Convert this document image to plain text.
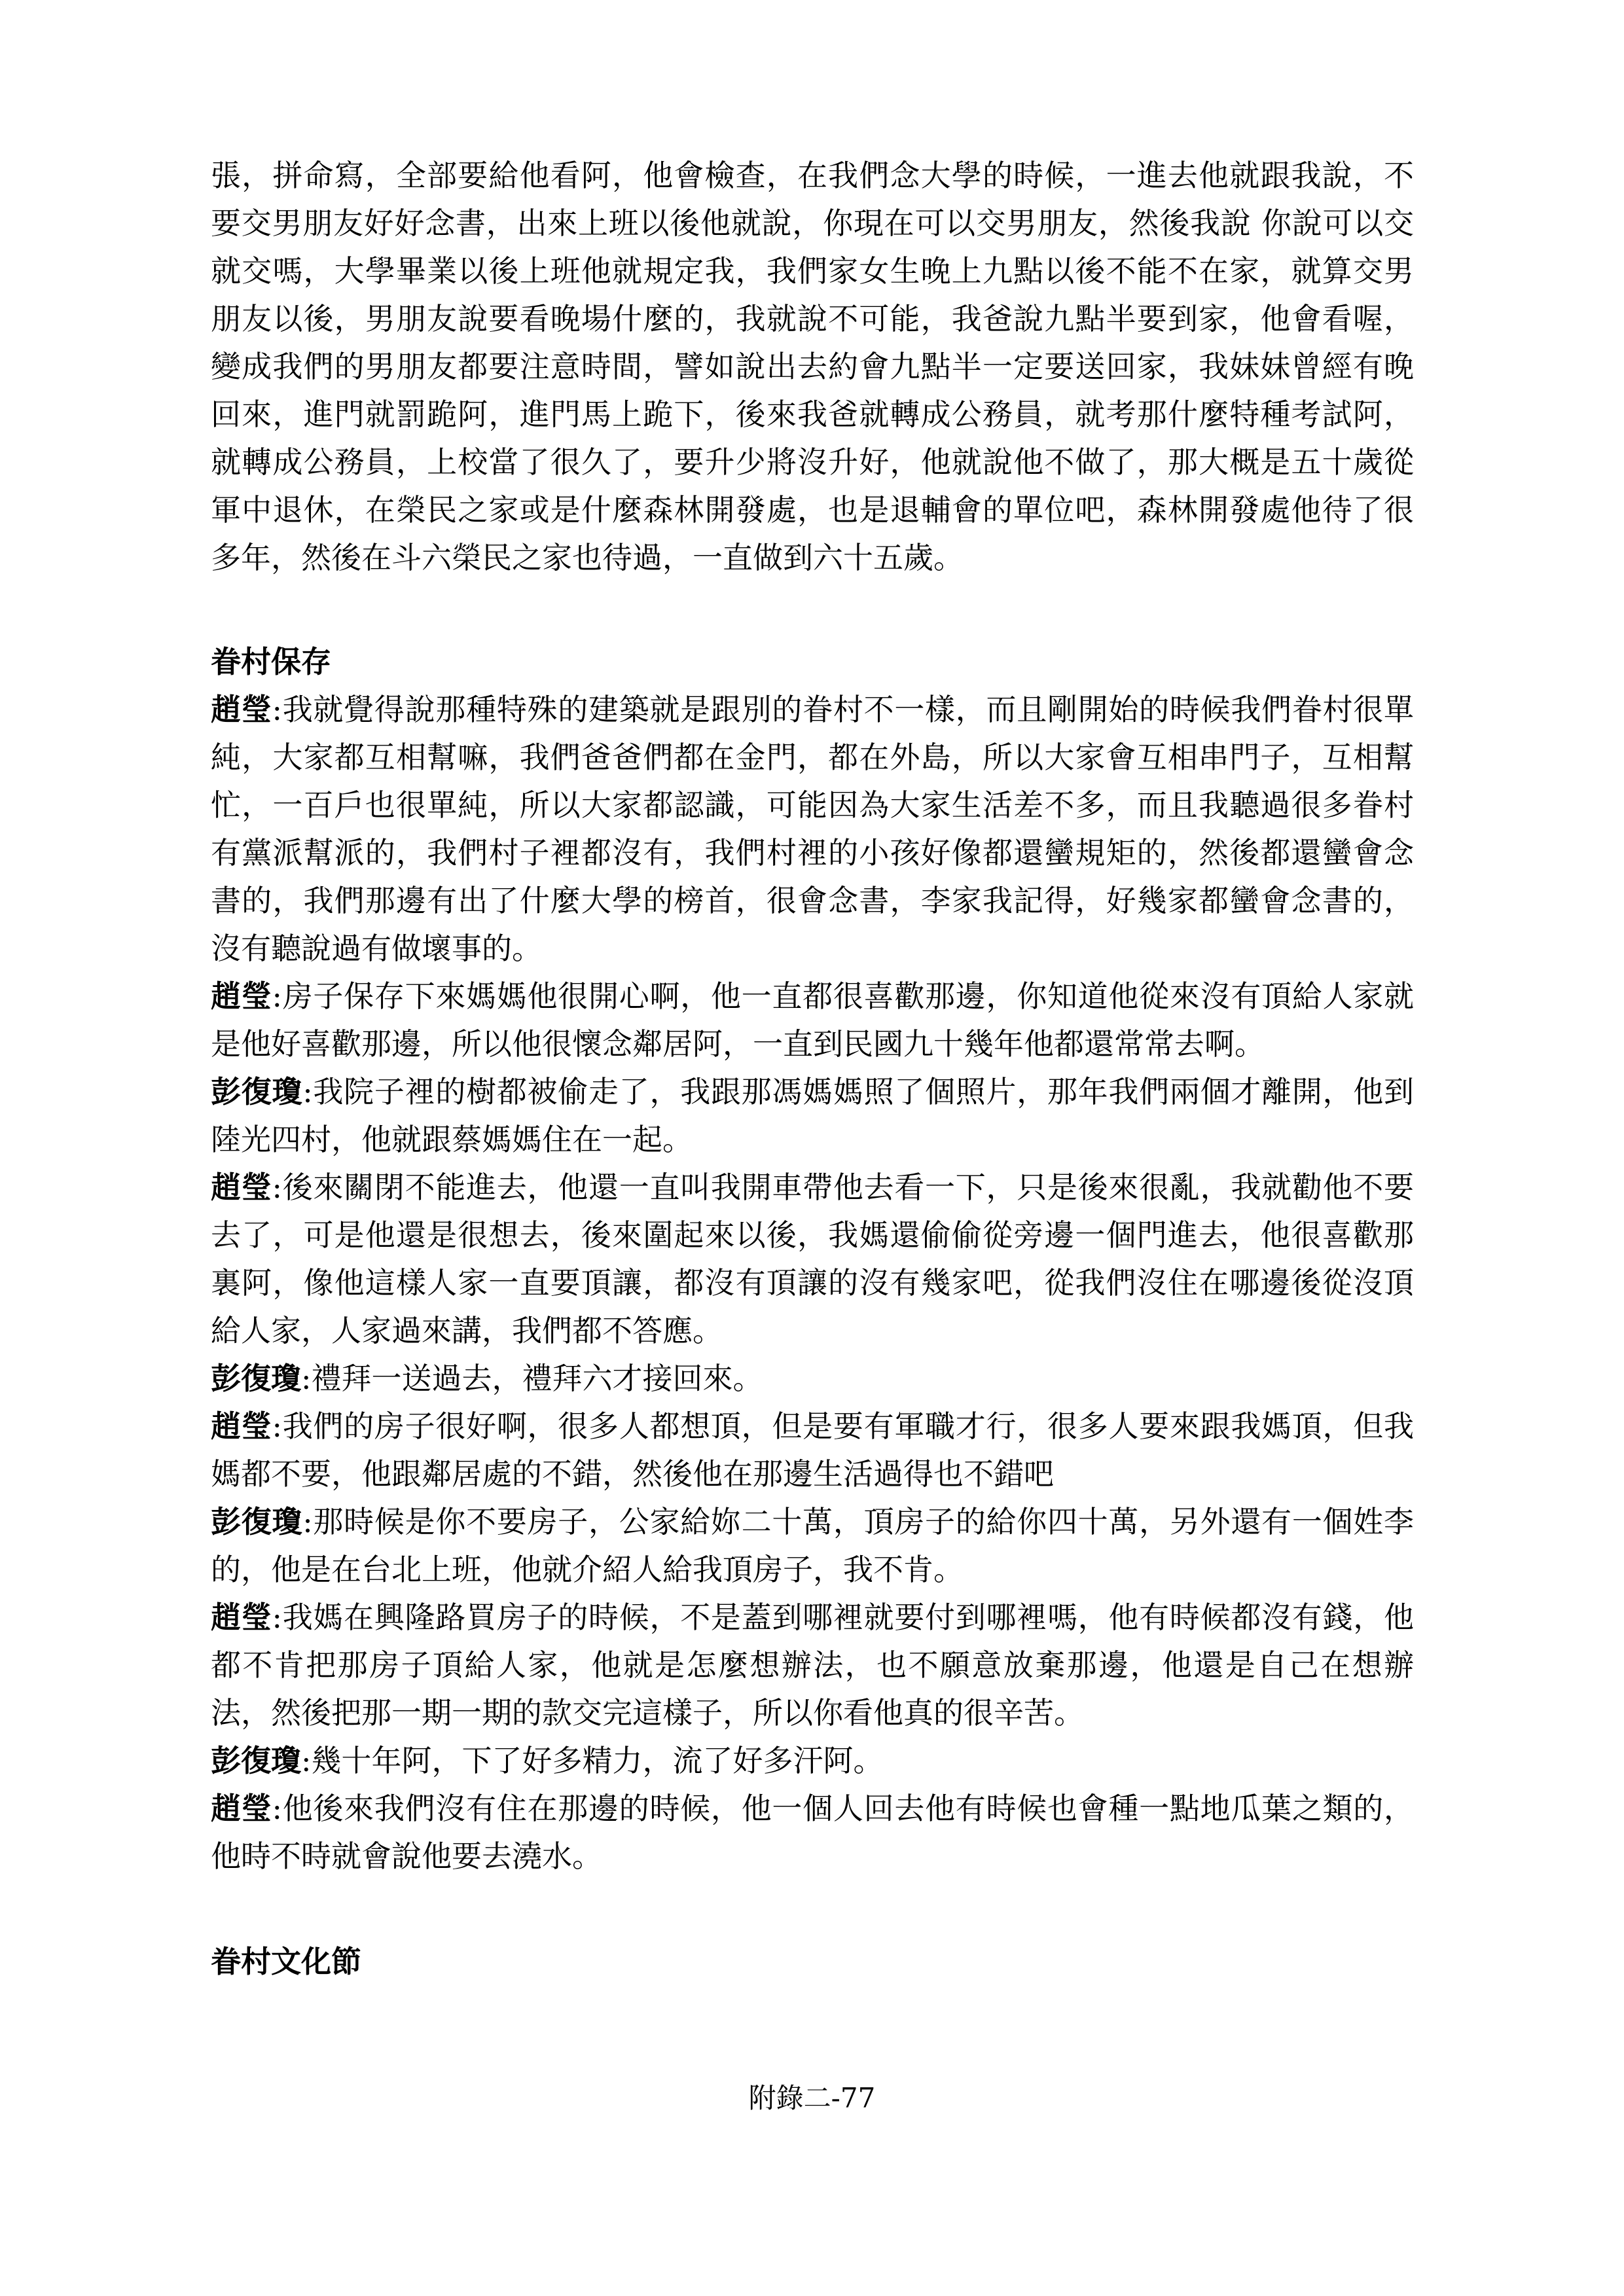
張，拼命寫，全部要給他看阿，他會檢查，在我們念大學的時候，一進去他就跟我說，不要交男朋友好好念書，出來上班以後他就說，你現在可以交男朋友，然後我說 你說可以交就交嗎，大學畢業以後上班他就規定我，我們家女生晚上九點以後不能不在家，就算交男朋友以後，男朋友說要看晚場什麼的，我就說不可能，我爸說九點半要到家，他會看喔，變成我們的男朋友都要注意時間，譬如說出去約會九點半一定要送回家，我妹妹曾經有晚回來，進門就罰跪阿，進門馬上跪下，後來我爸就轉成公務員，就考那什麼特種考試阿，就轉成公務員，上校當了很久了，要升少將沒升好，他就說他不做了，那大概是五十歲從軍中退休，在榮民之家或是什麼森林開發處，也是退輔會的單位吧，森林開發處他待了很多年，然後在斗六榮民之家也待過，一直做到六十五歲。

眷村保存

趙瑩:我就覺得說那種特殊的建築就是跟別的眷村不一樣，而且剛開始的時候我們眷村很單純，大家都互相幫嘛，我們爸爸們都在金門，都在外島，所以大家會互相串門子，互相幫忙，一百戶也很單純，所以大家都認識，可能因為大家生活差不多，而且我聽過很多眷村有黨派幫派的，我們村子裡都沒有，我們村裡的小孩好像都還蠻規矩的，然後都還蠻會念書的，我們那邊有出了什麼大學的榜首，很會念書，李家我記得，好幾家都蠻會念書的，沒有聽說過有做壞事的。

趙瑩:房子保存下來媽媽他很開心啊，他一直都很喜歡那邊，你知道他從來沒有頂給人家就是他好喜歡那邊，所以他很懷念鄰居阿，一直到民國九十幾年他都還常常去啊。

彭復瓊:我院子裡的樹都被偷走了，我跟那馮媽媽照了個照片，那年我們兩個才離開，他到陸光四村，他就跟蔡媽媽住在一起。

趙瑩:後來關閉不能進去，他還一直叫我開車帶他去看一下，只是後來很亂，我就勸他不要去了，可是他還是很想去，後來圍起來以後，我媽還偷偷從旁邊一個門進去，他很喜歡那裏阿，像他這樣人家一直要頂讓，都沒有頂讓的沒有幾家吧，從我們沒住在哪邊後從沒頂給人家，人家過來講，我們都不答應。

彭復瓊:禮拜一送過去，禮拜六才接回來。

趙瑩:我們的房子很好啊，很多人都想頂，但是要有軍職才行，很多人要來跟我媽頂，但我媽都不要，他跟鄰居處的不錯，然後他在那邊生活過得也不錯吧

彭復瓊:那時候是你不要房子，公家給妳二十萬，頂房子的給你四十萬，另外還有一個姓李的，他是在台北上班，他就介紹人給我頂房子，我不肯。

趙瑩:我媽在興隆路買房子的時候，不是蓋到哪裡就要付到哪裡嗎，他有時候都沒有錢，他都不肯把那房子頂給人家，他就是怎麼想辦法，也不願意放棄那邊，他還是自己在想辦法，然後把那一期一期的款交完這樣子，所以你看他真的很辛苦。

彭復瓊:幾十年阿，下了好多精力，流了好多汗阿。

趙瑩:他後來我們沒有住在那邊的時候，他一個人回去他有時候也會種一點地瓜葉之類的，他時不時就會說他要去澆水。

眷村文化節
附錄二-77
